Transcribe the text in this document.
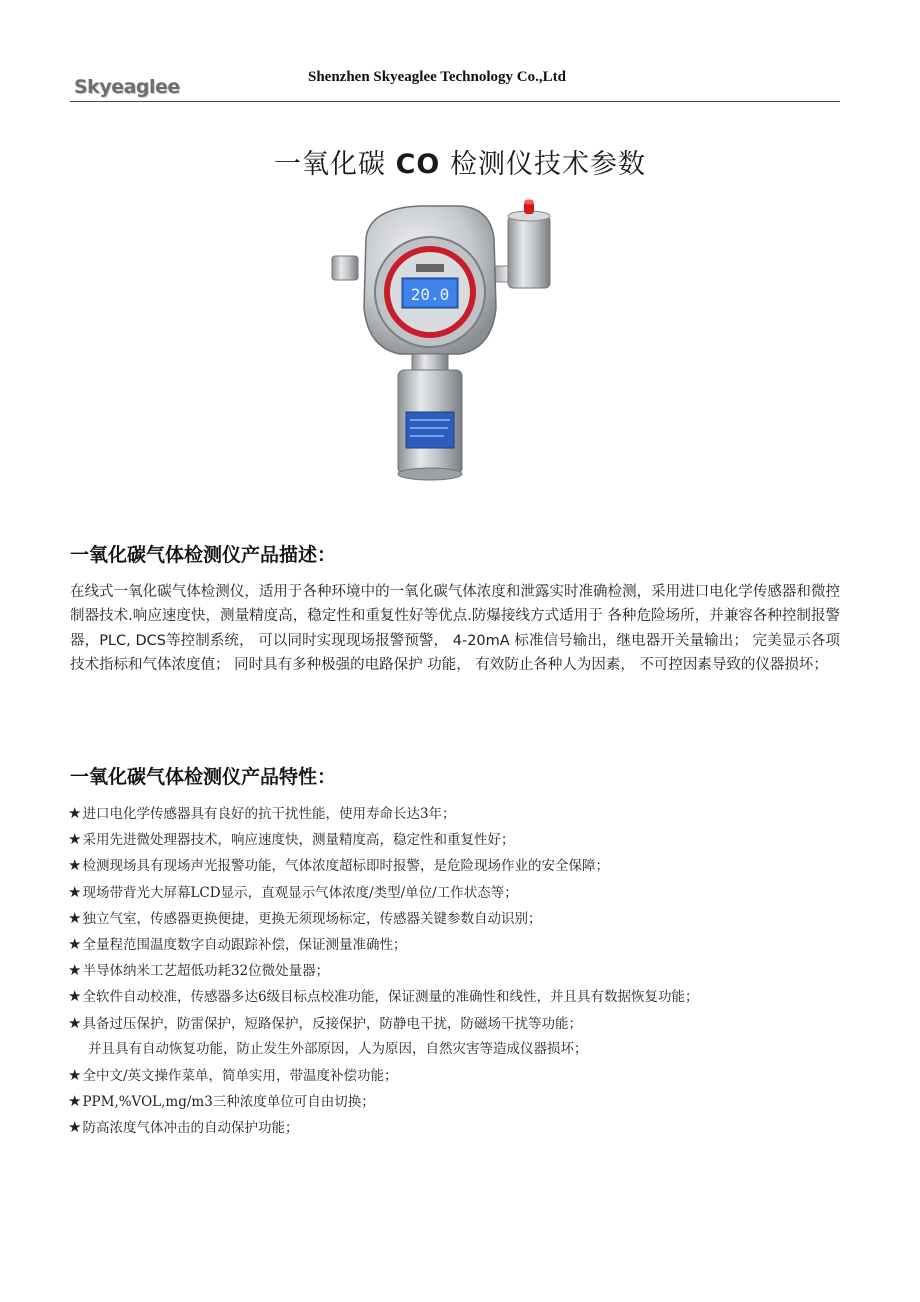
Skyeaglee	Shenzhen Skyeaglee Technology Co.,Ltd
一氧化碳 CO 检测仪技术参数
20.0
一氧化碳气体检测仪产品描述：
在线式一氧化碳气体检测仪，适用于各种环境中的一氧化碳气体浓度和泄露实时准确检测，采用进口电化学传感器和微控制器技术.响应速度快，测量精度高，稳定性和重复性好等优点.防爆接线方式适用于 各种危险场所，并兼容各种控制报警器，PLC, DCS等控制系统， 可以同时实现现场报警预警， 4-20mA 标准信号输出，继电器开关量输出； 完美显示各项技术指标和气体浓度值； 同时具有多种极强的电路保护 功能， 有效防止各种人为因素， 不可控因素导致的仪器损坏；
一氧化碳气体检测仪产品特性：
★进口电化学传感器具有良好的抗干扰性能，使用寿命长达3年；
★采用先进微处理器技术，响应速度快，测量精度高，稳定性和重复性好；
★检测现场具有现场声光报警功能，气体浓度超标即时报警，是危险现场作业的安全保障；
★现场带背光大屏幕LCD显示，直观显示气体浓度/类型/单位/工作状态等；
★独立气室，传感器更换便捷，更换无须现场标定，传感器关键参数自动识别；
★全量程范围温度数字自动跟踪补偿，保证测量准确性；
★半导体纳米工艺超低功耗32位微处量器；
★全软件自动校准，传感器多达6级目标点校准功能，保证测量的准确性和线性，并且具有数据恢复功能；
★具备过压保护，防雷保护，短路保护，反接保护，防静电干扰，防磁场干扰等功能；
并且具有自动恢复功能，防止发生外部原因，人为原因，自然灾害等造成仪器损坏；
★全中文/英文操作菜单，简单实用，带温度补偿功能；
★PPM,%VOL,mg/m3三种浓度单位可自由切换；
★防高浓度气体冲击的自动保护功能；
